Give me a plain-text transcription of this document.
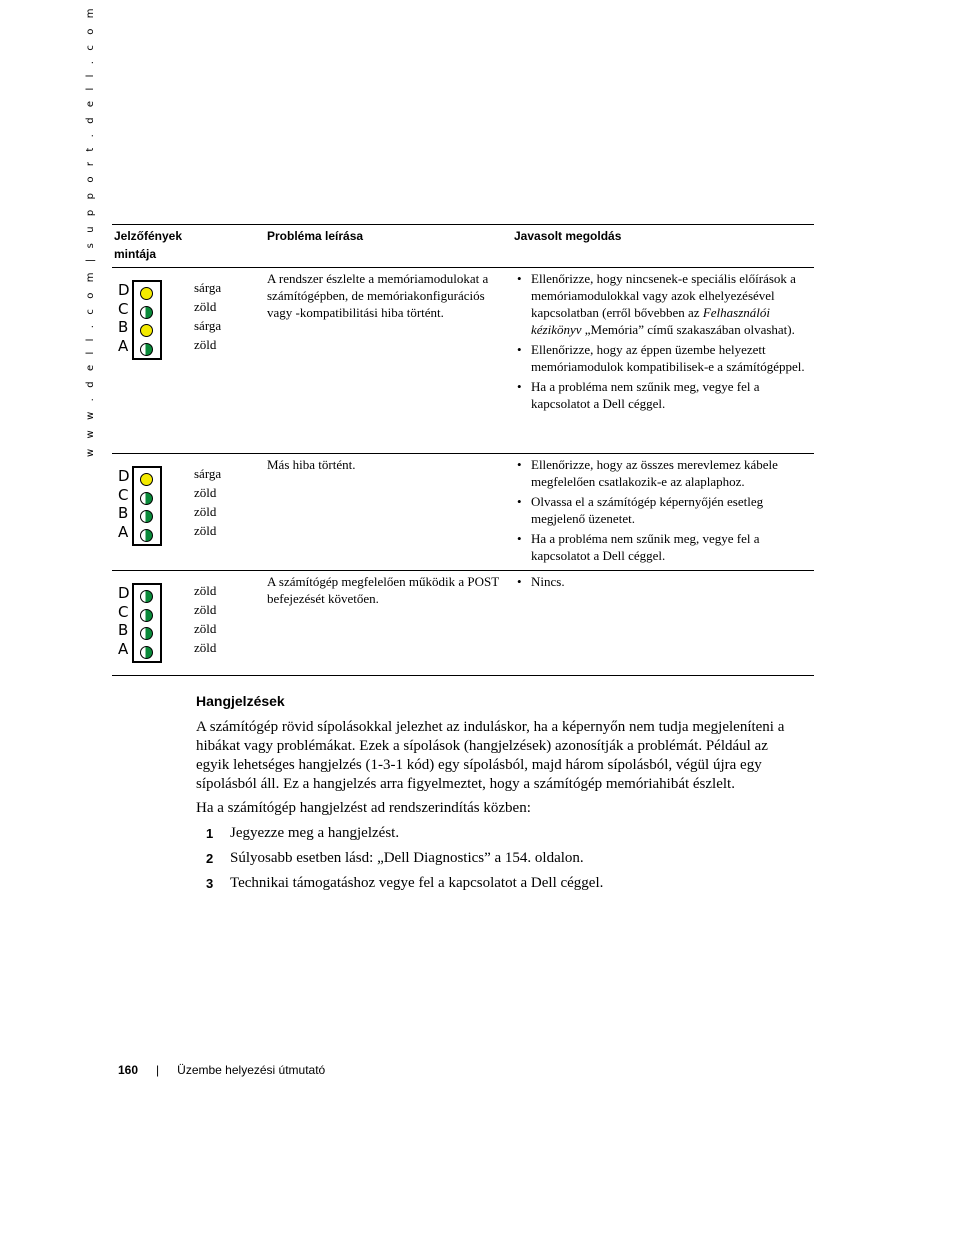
w w w . d e l l . c o m | s u p p o r t . d e l l . c o m Jelzőfények mintája
Probléma leírása	Javasolt megoldás
D
C
B
A
sárga
zöld
sárga
zöld
A rendszer észlelte a memóriamodulokat a számítógépben, de memóriakonfigurációs vagy -kompatibilitási hiba történt.
• Ellenőrizze, hogy nincsenek-e speciális előírások a memóriamodulokkal vagy azok elhelyezésével kapcsolatban (erről bővebben az Felhasználói kézikönyv „Memória” című szakaszában olvashat).
• Ellenőrizze, hogy az éppen üzembe helyezett memóriamodulok kompatibilisek-e a számítógéppel.
• Ha a probléma nem szűnik meg, vegye fel a kapcsolatot a Dell céggel.
D
C
B
A
sárga
zöld
zöld
zöld
Más hiba történt.
•	Ellenőrizze, hogy az összes merevlemez kábele megfelelően csatlakozik-e az alaplaphoz.
• Olvassa el a számítógép képernyőjén esetleg megjelenő üzenetet.
• Ha a probléma nem szűnik meg, vegye fel a kapcsolatot a Dell céggel.
D
C
B
A
zöld
zöld
zöld
zöld
A számítógép megfelelően működik a POST befejezését követően.
• Nincs.
Hangjelzések
A számítógép rövid sípolásokkal jelezhet az induláskor, ha a képernyőn nem tudja megjeleníteni a hibákat vagy problémákat. Ezek a sípolások (hangjelzések) azonosítják a problémát. Például az egyik lehetséges hangjelzés (1-3-1 kód) egy sípolásból, majd három sípolásból, végül újra egy sípolásból áll. Ez a hangjelzés arra figyelmeztet, hogy a számítógép memóriahibát észlelt.
Ha a számítógép hangjelzést ad rendszerindítás közben:
1 Jegyezze meg a hangjelzést.
2 Súlyosabb esetben lásd: „Dell Diagnostics” a 154. oldalon.
3 Technikai támogatáshoz vegye fel a kapcsolatot a Dell céggel.
160 | Üzembe helyezési útmutató
